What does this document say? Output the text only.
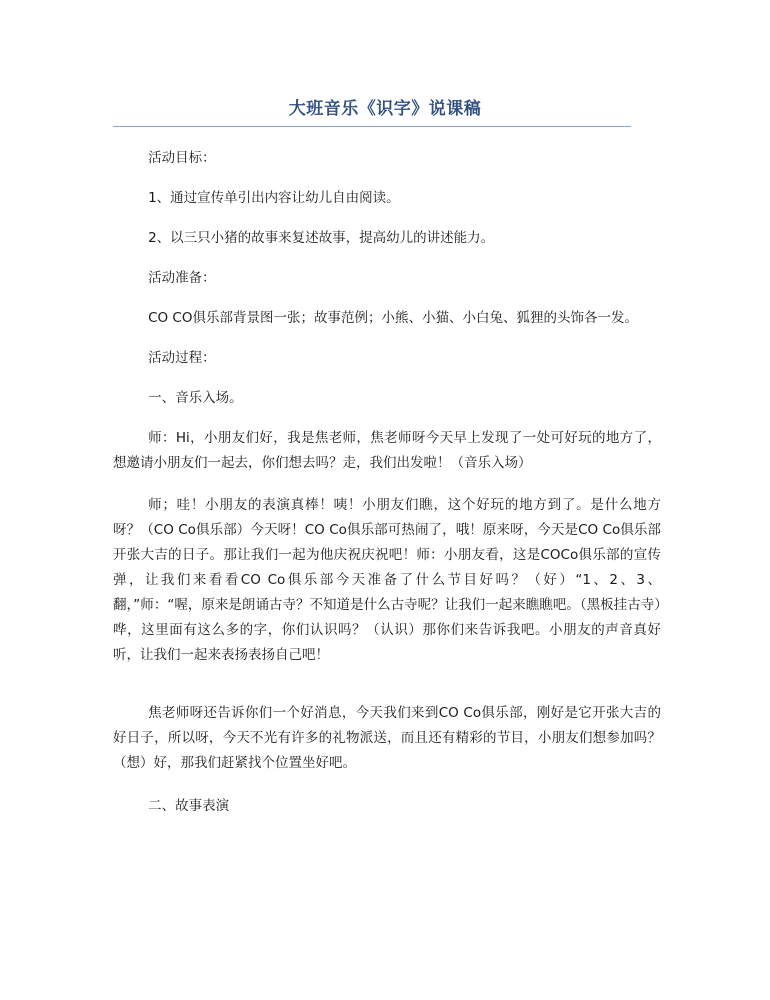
大班音乐《识字》说课稿

活动目标：

1、通过宣传单引出内容让幼儿自由阅读。

2、以三只小猪的故事来复述故事，提高幼儿的讲述能力。

活动准备：

CO CO俱乐部背景图一张；故事范例；小熊、小猫、小白兔、狐狸的头饰各一发。

活动过程：

一、音乐入场。

师：Hi，小朋友们好，我是焦老师，焦老师呀今天早上发现了一处可好玩的地方了，想邀请小朋友们一起去，你们想去吗？走，我们出发啦！（音乐入场）

师；哇！小朋友的表演真棒！咦！小朋友们瞧，这个好玩的地方到了。是什么地方呀？（CO Co俱乐部）今天呀！CO Co俱乐部可热闹了，哦！原来呀，今天是CO Co俱乐部开张大吉的日子。那让我们一起为他庆祝庆祝吧！师：小朋友看，这是COCo俱乐部的宣传弹，让我们来看看CO Co俱乐部今天准备了什么节目好吗？（好）“1、2、3、翻，”师：“喔，原来是朗诵古寺？不知道是什么古寺呢？让我们一起来瞧瞧吧。（黑板挂古寺）哗，这里面有这么多的字，你们认识吗？（认识）那你们来告诉我吧。小朋友的声音真好听，让我们一起来表扬表扬自己吧！

焦老师呀还告诉你们一个好消息，今天我们来到CO Co俱乐部，刚好是它开张大吉的好日子，所以呀，今天不光有许多的礼物派送，而且还有精彩的节目，小朋友们想参加吗？（想）好，那我们赶紧找个位置坐好吧。

二、故事表演
